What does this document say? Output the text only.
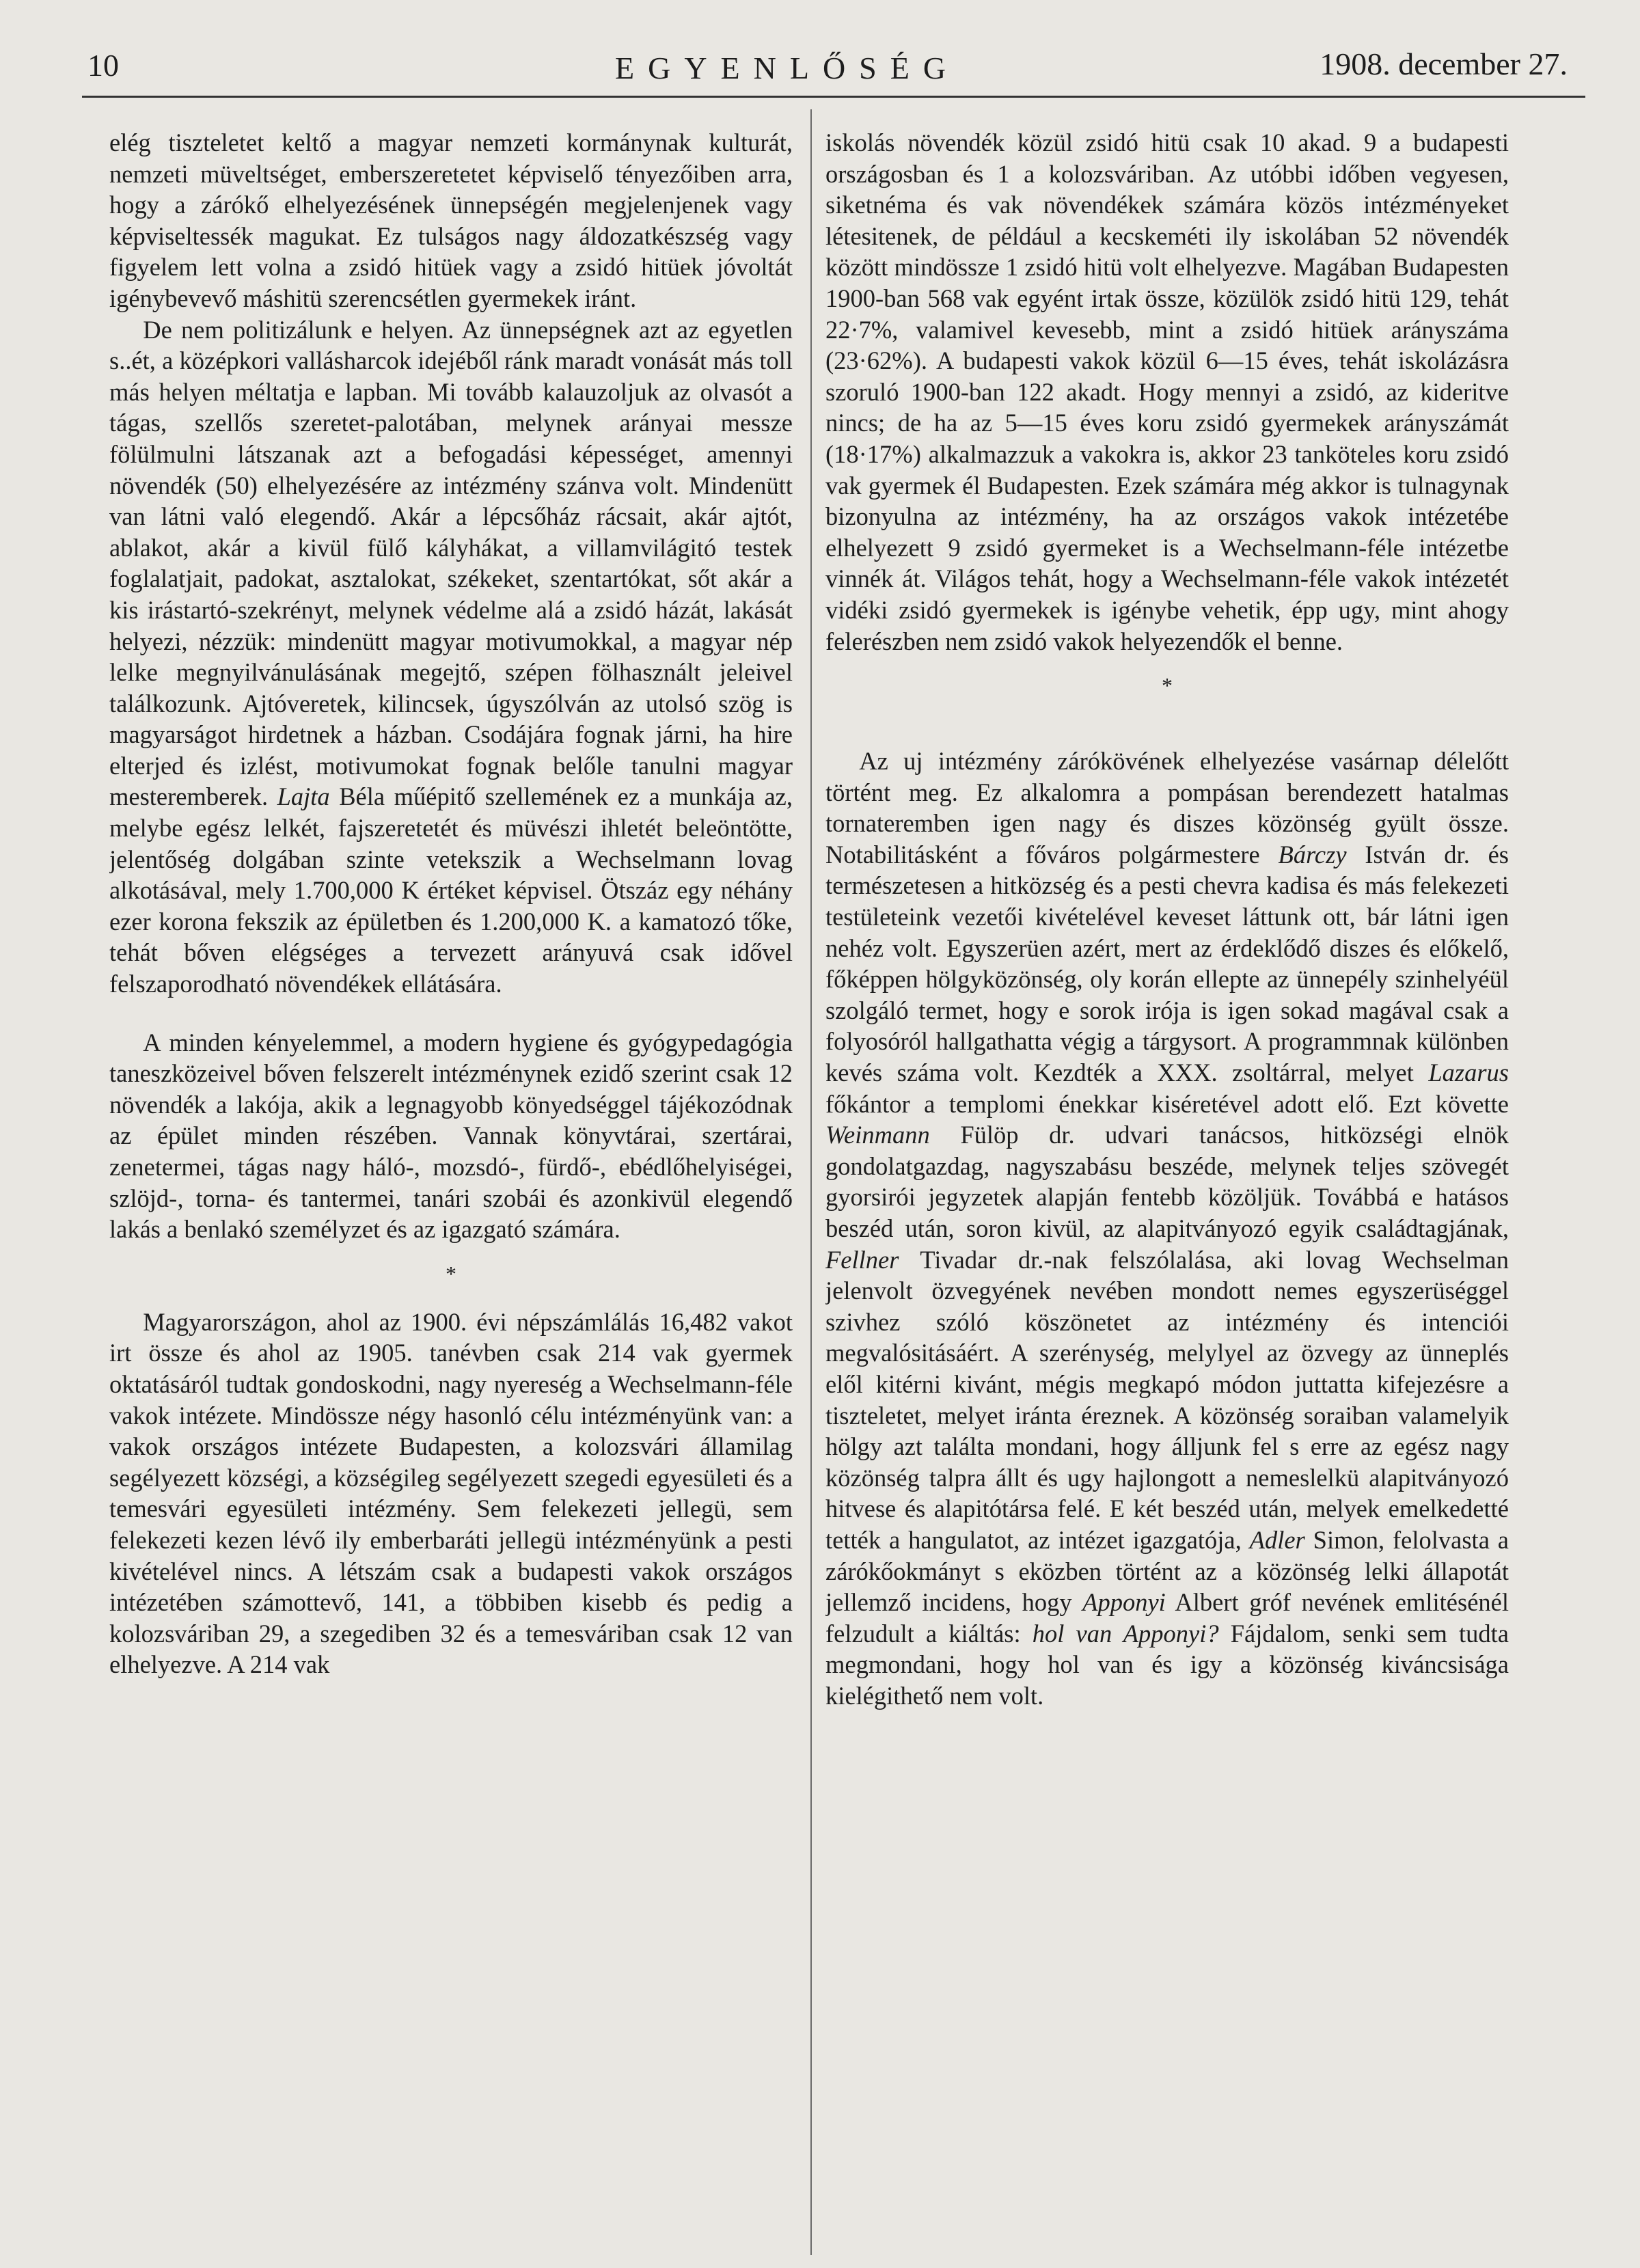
10	EGYENLŐSÉG	1908. december 27.

elég tiszteletet keltő a magyar nemzeti kormánynak kulturát, nemzeti müveltséget, emberszeretetet képviselő tényezőiben arra, hogy a zárókő elhelyezésének ünnepségén megjelenjenek vagy képviseltessék magukat. Ez tulságos nagy áldozatkészség vagy figyelem lett volna a zsidó hitüek vagy a zsidó hitüek jóvoltát igénybevevő máshitü szerencsétlen gyermekek iránt.

De nem politizálunk e helyen. Az ünnepségnek azt az egyetlen s..ét, a középkori vallásharcok idejéből ránk maradt vonását más toll más helyen méltatja e lapban. Mi tovább kalauzoljuk az olvasót a tágas, szellős szeretet-palotában, melynek arányai messze fölülmulni látszanak azt a befogadási képességet, amennyi növendék (50) elhelyezésére az intézmény szánva volt. Mindenütt van látni való elegendő. Akár a lépcsőház rácsait, akár ajtót, ablakot, akár a kivül fülő kályhákat, a villamvilágitó testek foglalatjait, padokat, asztalokat, székeket, szentartókat, sőt akár a kis irástartó-szekrényt, melynek védelme alá a zsidó házát, lakását helyezi, nézzük: mindenütt magyar motivumokkal, a magyar nép lelke megnyilvánulásának megejtő, szépen fölhasznált jeleivel találkozunk. Ajtóveretek, kilincsek, úgyszólván az utolsó szög is magyarságot hirdetnek a házban. Csodájára fognak járni, ha hire elterjed és izlést, motivumokat fognak belőle tanulni magyar mesteremberek. Lajta Béla műépitő szellemének ez a munkája az, melybe egész lelkét, fajszeretetét és müvészi ihletét beleöntötte, jelentőség dolgában szinte vetekszik a Wechselmann lovag alkotásával, mely 1.700,000 K értéket képvisel. Ötszáz egy néhány ezer korona fekszik az épületben és 1.200,000 K. a kamatozó tőke, tehát bőven elégséges a tervezett arányuvá csak idővel felszaporodható növendékek ellátására.

A minden kényelemmel, a modern hygiene és gyógypedagógia taneszközeivel bőven felszerelt intézménynek ezidő szerint csak 12 növendék a lakója, akik a legnagyobb könyedséggel tájékozódnak az épület minden részében. Vannak könyvtárai, szertárai, zenetermei, tágas nagy háló-, mozsdó-, fürdő-, ebédlőhelyiségei, szlöjd-, torna- és tantermei, tanári szobái és azonkivül elegendő lakás a benlakó személyzet és az igazgató számára.

*

Magyarországon, ahol az 1900. évi népszámlálás 16,482 vakot irt össze és ahol az 1905. tanévben csak 214 vak gyermek oktatásáról tudtak gondoskodni, nagy nyereség a Wechselmann-féle vakok intézete. Mindössze négy hasonló célu intézményünk van: a vakok országos intézete Budapesten, a kolozsvári államilag segélyezett községi, a községileg segélyezett szegedi egyesületi és a temesvári egyesületi intézmény. Sem felekezeti jellegü, sem felekezeti kezen lévő ily emberbaráti jellegü intézményünk a pesti kivételével nincs. A létszám csak a budapesti vakok országos intézetében számottevő, 141, a többiben kisebb és pedig a kolozsváriban 29, a szegediben 32 és a temesváriban csak 12 van elhelyezve. A 214 vak

iskolás növendék közül zsidó hitü csak 10 akad. 9 a budapesti országosban és 1 a kolozsváriban. Az utóbbi időben vegyesen, siketnéma és vak növendékek számára közös intézményeket létesitenek, de például a kecskeméti ily iskolában 52 növendék között mindössze 1 zsidó hitü volt elhelyezve. Magában Budapesten 1900-ban 568 vak egyént irtak össze, közülök zsidó hitü 129, tehát 22·7%, valamivel kevesebb, mint a zsidó hitüek arányszáma (23·62%). A budapesti vakok közül 6—15 éves, tehát iskolázásra szoruló 1900-ban 122 akadt. Hogy mennyi a zsidó, az kideritve nincs; de ha az 5—15 éves koru zsidó gyermekek arányszámát (18·17%) alkalmazzuk a vakokra is, akkor 23 tanköteles koru zsidó vak gyermek él Budapesten. Ezek számára még akkor is tulnagynak bizonyulna az intézmény, ha az országos vakok intézetébe elhelyezett 9 zsidó gyermeket is a Wechselmann-féle intézetbe vinnék át. Világos tehát, hogy a Wechselmann-féle vakok intézetét vidéki zsidó gyermekek is igénybe vehetik, épp ugy, mint ahogy felerészben nem zsidó vakok helyezendők el benne.

*

Az uj intézmény zárókövének elhelyezése vasárnap délelőtt történt meg. Ez alkalomra a pompásan berendezett hatalmas tornateremben igen nagy és diszes közönség gyült össze. Notabilitásként a főváros polgármestere Bárczy István dr. és természetesen a hitközség és a pesti chevra kadisa és más felekezeti testületeink vezetői kivételével keveset láttunk ott, bár látni igen nehéz volt. Egyszerüen azért, mert az érdeklődő diszes és előkelő, főképpen hölgyközönség, oly korán ellepte az ünnepély szinhelyéül szolgáló termet, hogy e sorok irója is igen sokad magával csak a folyosóról hallgathatta végig a tárgysort. A programmnak különben kevés száma volt. Kezdték a XXX. zsoltárral, melyet Lazarus főkántor a templomi énekkar kiséretével adott elő. Ezt követte Weinmann Fülöp dr. udvari tanácsos, hitközségi elnök gondolatgazdag, nagyszabásu beszéde, melynek teljes szövegét gyorsirói jegyzetek alapján fentebb közöljük. Továbbá e hatásos beszéd után, soron kivül, az alapitványozó egyik családtagjának, Fellner Tivadar dr.-nak felszólalása, aki lovag Wechselman jelenvolt özvegyének nevében mondott nemes egyszerüséggel szivhez szóló köszönetet az intézmény és intenciói megvalósitásáért. A szerénység, melylyel az özvegy az ünneplés elől kitérni kivánt, mégis megkapó módon juttatta kifejezésre a tiszteletet, melyet iránta éreznek. A közönség soraiban valamelyik hölgy azt találta mondani, hogy álljunk fel s erre az egész nagy közönség talpra állt és ugy hajlongott a nemeslelkü alapitványozó hitvese és alapitótársa felé. E két beszéd után, melyek emelkedetté tették a hangulatot, az intézet igazgatója, Adler Simon, felolvasta a zárókőokmányt s eközben történt az a közönség lelki állapotát jellemző incidens, hogy Apponyi Albert gróf nevének emlitésénél felzudult a kiáltás: hol van Apponyi? Fájdalom, senki sem tudta megmondani, hogy hol van és igy a közönség kiváncsisága kielégithető nem volt.
